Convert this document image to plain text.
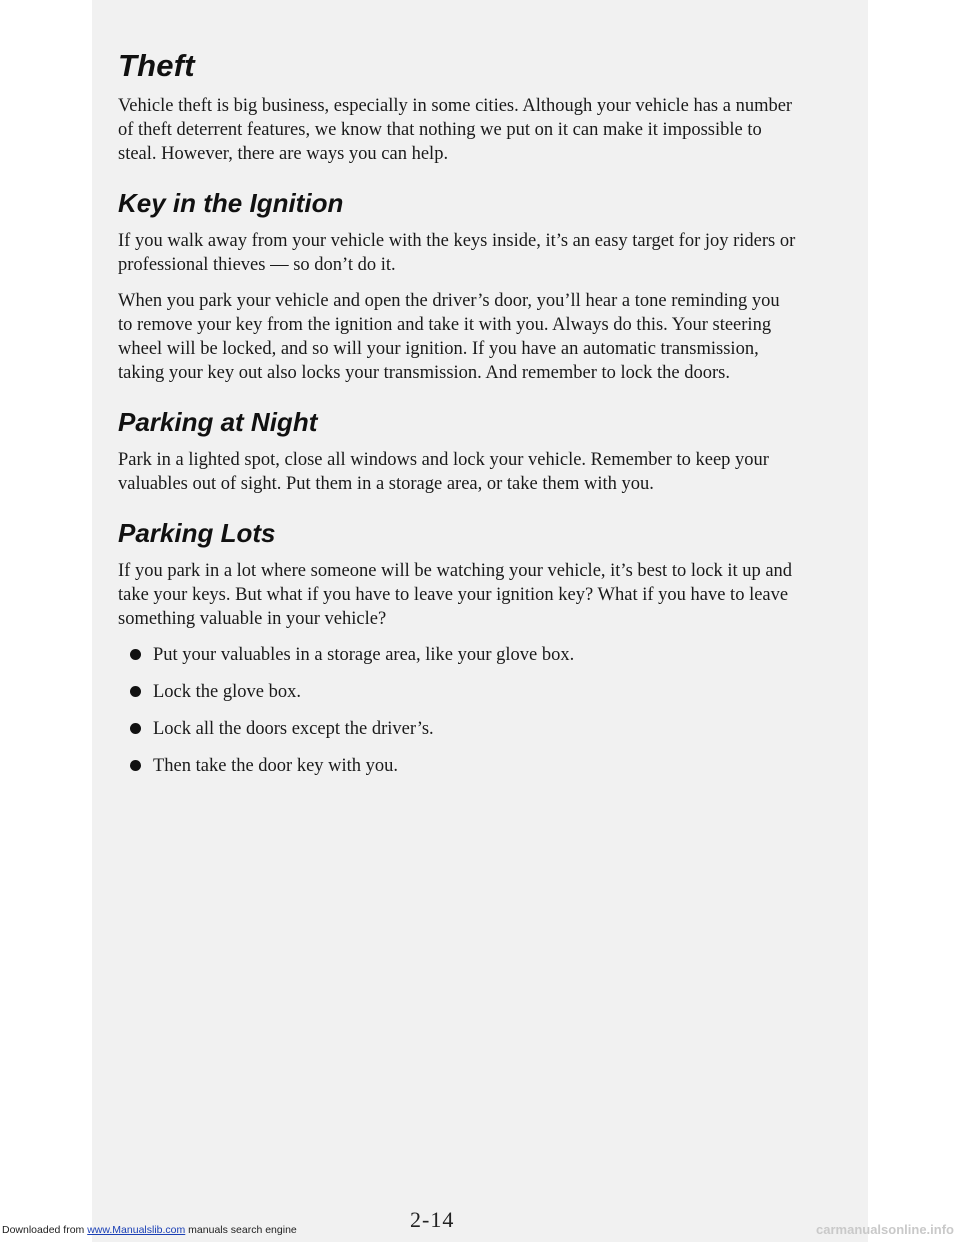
Theft

Vehicle theft is big business, especially in some cities. Although your vehicle has a number of theft deterrent features, we know that nothing we put on it can make it impossible to steal. However, there are ways you can help.

Key in the Ignition

If you walk away from your vehicle with the keys inside, it’s an easy target for joy riders or professional thieves — so don’t do it.

When you park your vehicle and open the driver’s door, you’ll hear a tone reminding you to remove your key from the ignition and take it with you. Always do this. Your steering wheel will be locked, and so will your ignition. If you have an automatic transmission, taking your key out also locks your transmission. And remember to lock the doors.

Parking at Night

Park in a lighted spot, close all windows and lock your vehicle. Remember to keep your valuables out of sight. Put them in a storage area, or take them with you.

Parking Lots

If you park in a lot where someone will be watching your vehicle, it’s best to lock it up and take your keys. But what if you have to leave your ignition key? What if you have to leave something valuable in your vehicle?

Put your valuables in a storage area, like your glove box.
Lock the glove box.
Lock all the doors except the driver’s.
Then take the door key with you.
2-14
Downloaded from www.Manualslib.com manuals search engine	carmanualsonline.info
